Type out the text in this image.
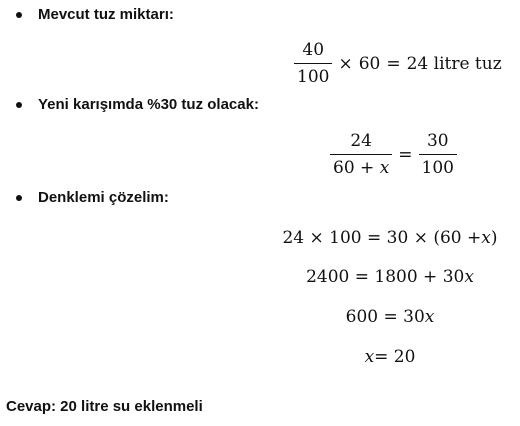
Mevcut tuz miktarı:
$\frac{40}{100} \times 60 = 24$ litre tuz
Yeni karışımda %30 tuz olacak:
$\frac{24}{60 + x} = \frac{30}{100}$
Denklemi çözelim:
24 × 100 = 30 × (60 + x )
2400 = 1800 + 30 x
600 = 30 x
x = 20
Cevap: 20 litre su eklenmeli
